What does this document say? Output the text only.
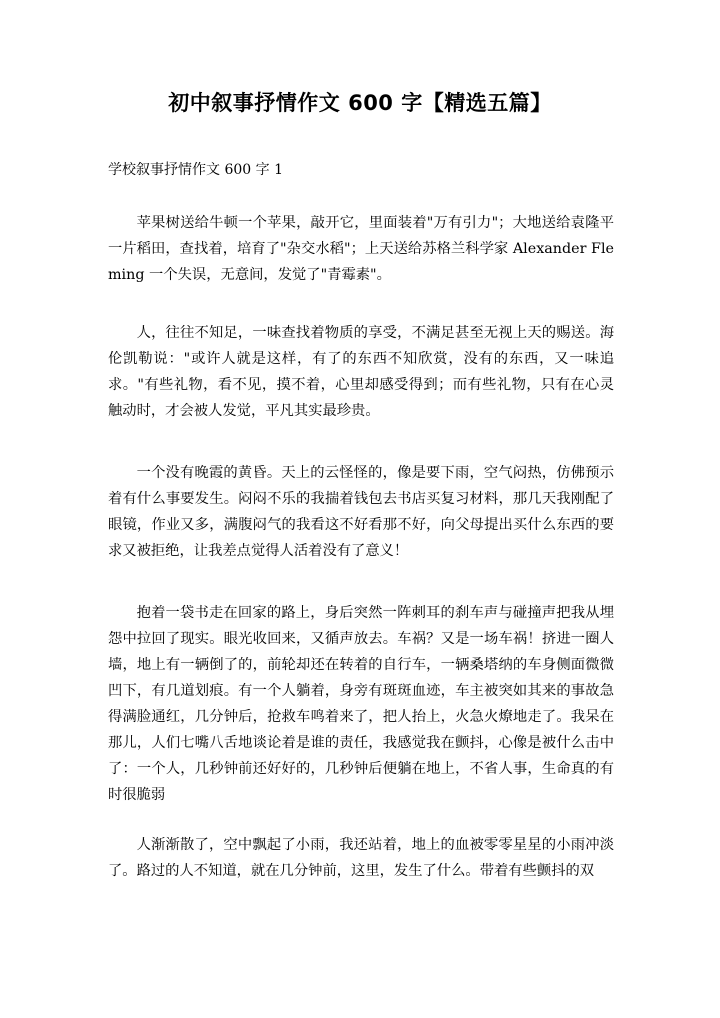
初中叙事抒情作文 600 字【精选五篇】
学校叙事抒情作文 600 字 1

苹果树送给牛顿一个苹果，敲开它，里面装着"万有引力"；大地送给袁隆平一片稻田，查找着，培育了"杂交水稻"；上天送给苏格兰科学家 Alexander Fleming 一个失误，无意间，发觉了"青霉素"。

人，往往不知足，一味查找着物质的享受，不满足甚至无视上天的赐送。海伦凯勒说："或许人就是这样，有了的东西不知欣赏，没有的东西，又一味追求。"有些礼物，看不见，摸不着，心里却感受得到；而有些礼物，只有在心灵触动时，才会被人发觉，平凡其实最珍贵。

一个没有晚霞的黄昏。天上的云怪怪的，像是要下雨，空气闷热，仿佛预示着有什么事要发生。闷闷不乐的我揣着钱包去书店买复习材料，那几天我刚配了眼镜，作业又多，满腹闷气的我看这不好看那不好，向父母提出买什么东西的要求又被拒绝，让我差点觉得人活着没有了意义！

抱着一袋书走在回家的路上，身后突然一阵刺耳的刹车声与碰撞声把我从埋怨中拉回了现实。眼光收回来，又循声放去。车祸？又是一场车祸！挤进一圈人墙，地上有一辆倒了的，前轮却还在转着的自行车，一辆桑塔纳的车身侧面微微凹下，有几道划痕。有一个人躺着，身旁有斑斑血迹，车主被突如其来的事故急得满脸通红，几分钟后，抢救车鸣着来了，把人抬上，火急火燎地走了。我呆在那儿，人们七嘴八舌地谈论着是谁的责任，我感觉我在颤抖，心像是被什么击中了：一个人，几秒钟前还好好的，几秒钟后便躺在地上，不省人事，生命真的有时很脆弱

人渐渐散了，空中飘起了小雨，我还站着，地上的血被零零星星的小雨冲淡了。路过的人不知道，就在几分钟前，这里，发生了什么。带着有些颤抖的双
